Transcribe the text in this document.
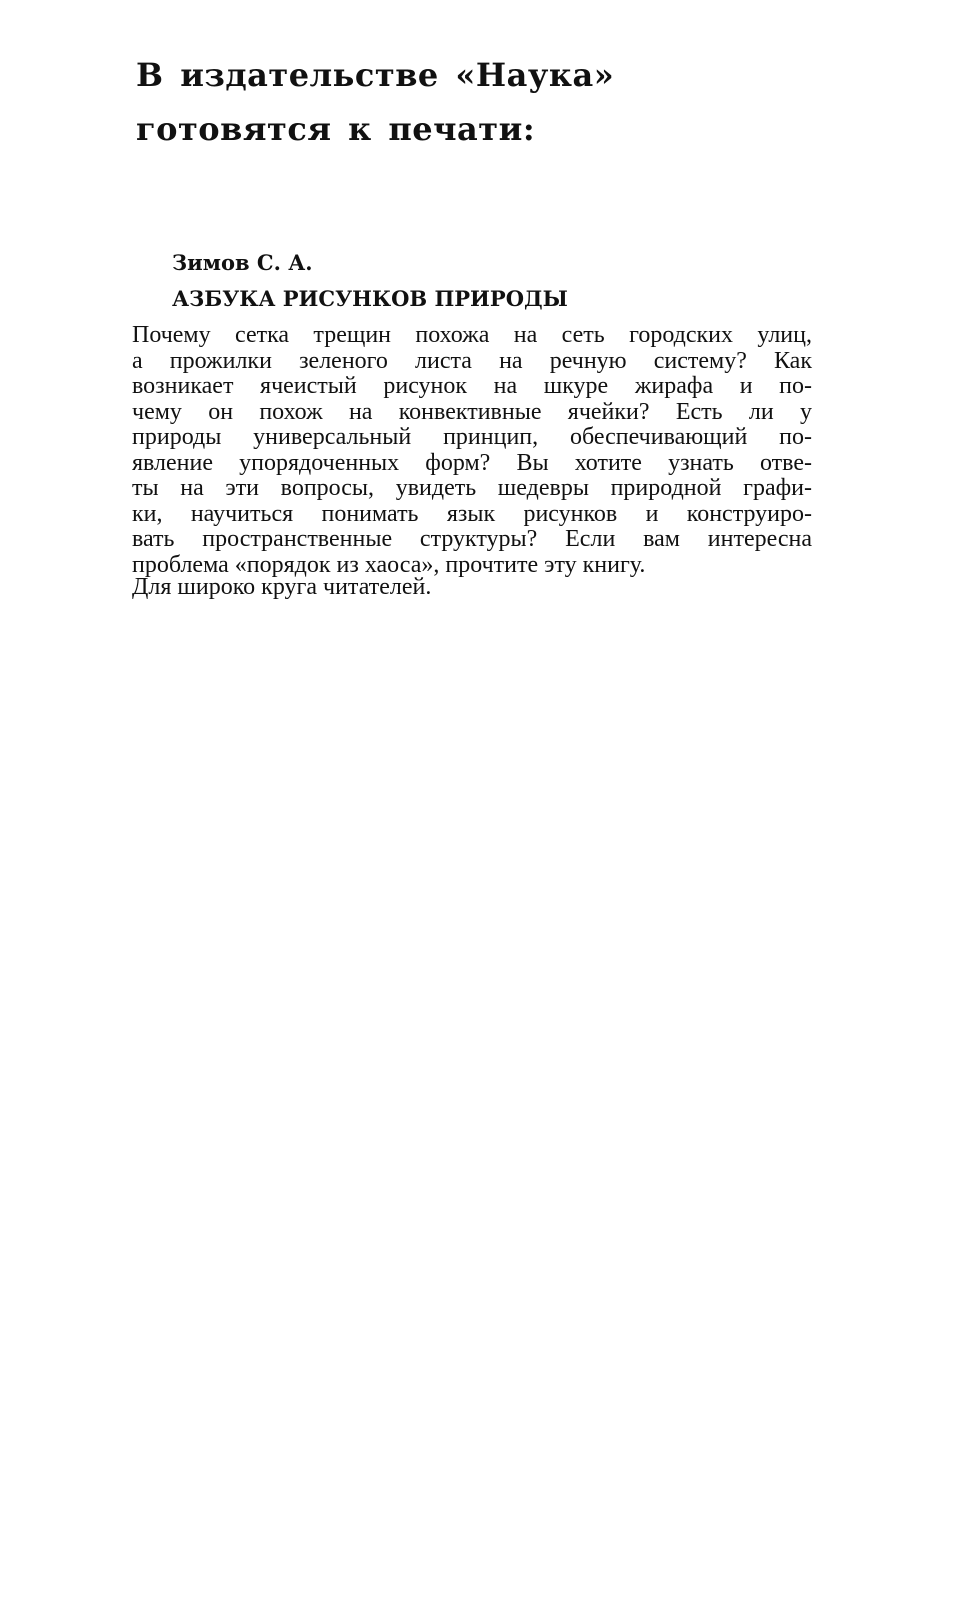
В издательстве «Наука»
готовятся к печати:

Зимов С. А.

АЗБУКА РИСУНКОВ ПРИРОДЫ
Почему сетка трещин похожа на сеть городских улиц,
а прожилки зеленого листа на речную систему? Как
возникает ячеистый рисунок на шкуре жирафа и по-
чему он похож на конвективные ячейки? Есть ли у
природы универсальный принцип, обеспечивающий по-
явление упорядоченных форм? Вы хотите узнать отве-
ты на эти вопросы, увидеть шедевры природной графи-
ки, научиться понимать язык рисунков и конструиро-
вать пространственные структуры? Если вам интересна
проблема «порядок из хаоса», прочтите эту книгу.

Для широко круга читателей.
